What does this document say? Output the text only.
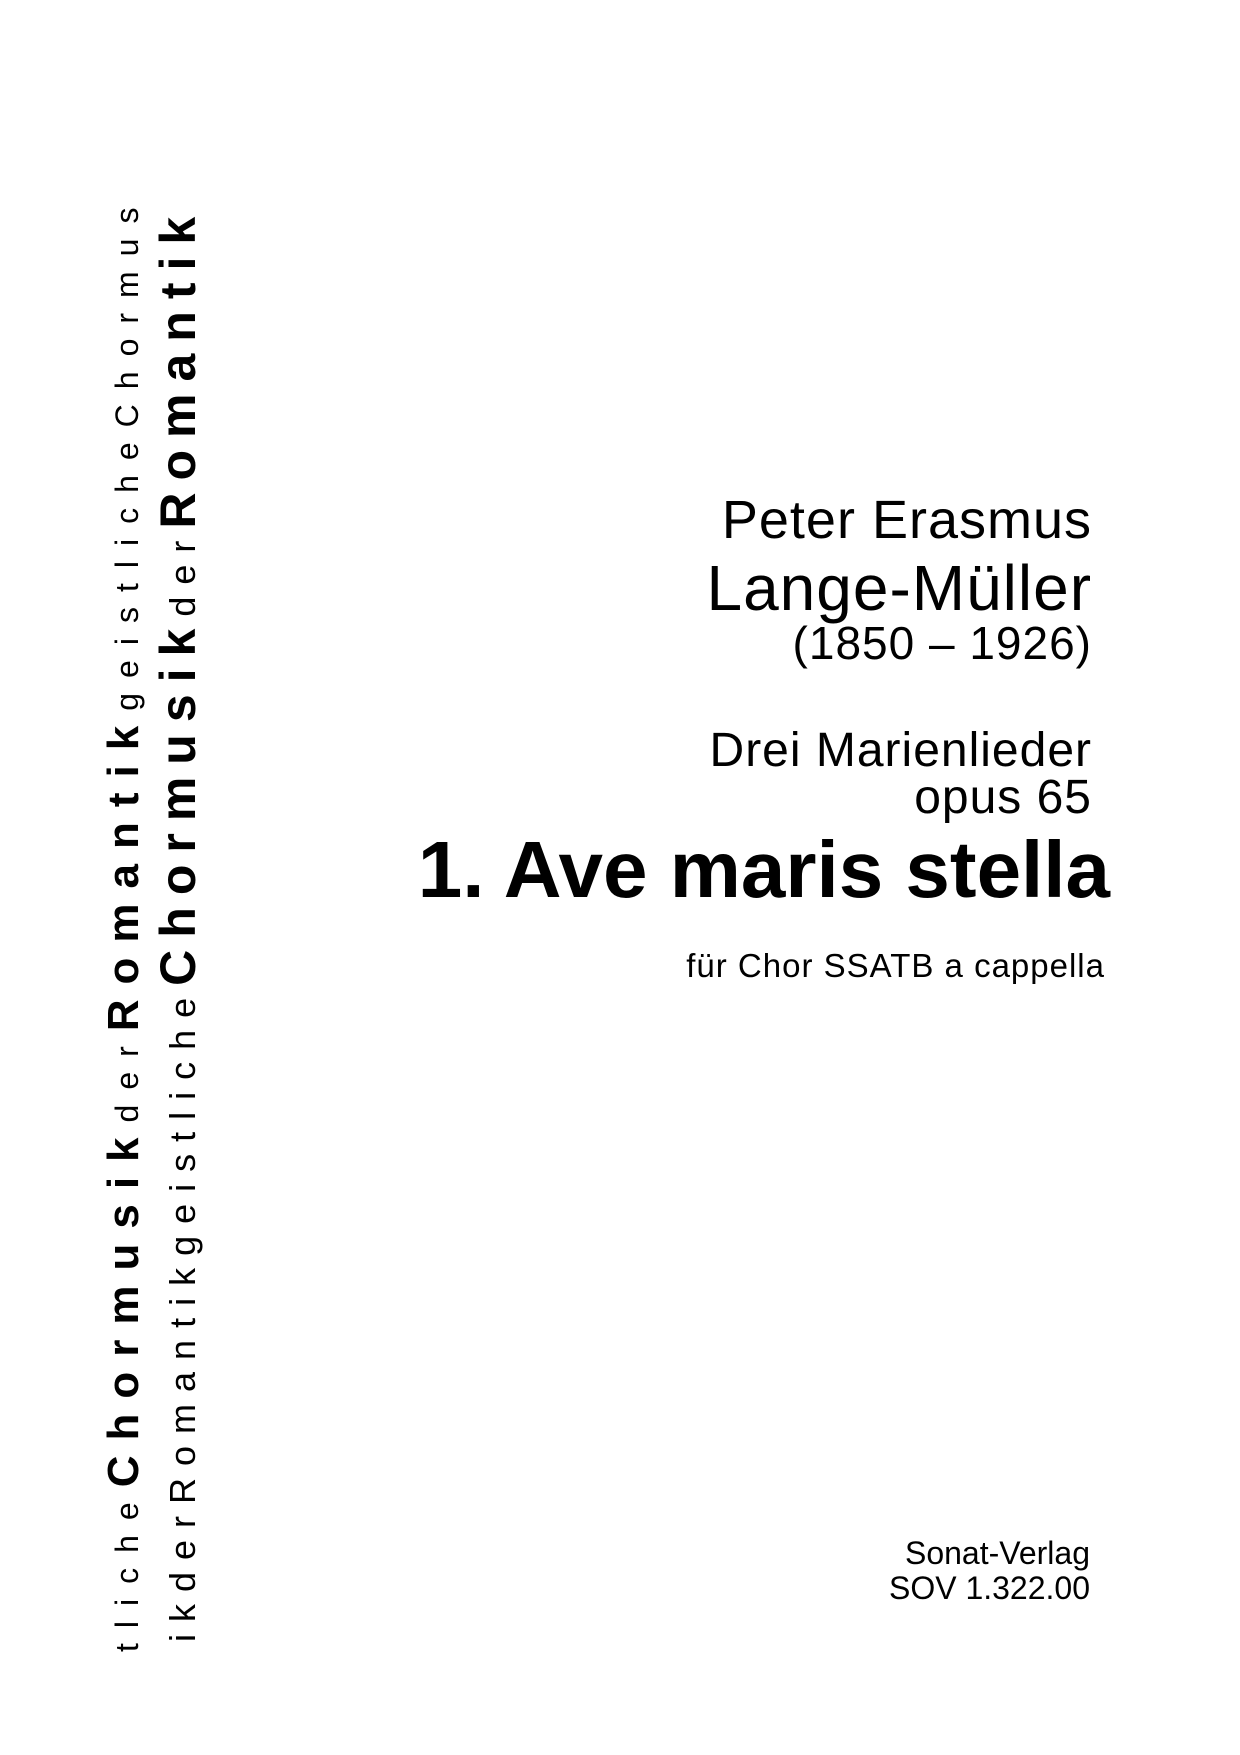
tlicheChormusikderRomantikgeistlicheChormus
ikderRomantikgeistlicheChormusikderRomantik	Peter Erasmus
Lange-Müller
(1850 – 1926)
Drei Marienlieder
opus 65
1. Ave maris stella
für Chor SSATB a cappella
Sonat-Verlag
SOV 1.322.00
